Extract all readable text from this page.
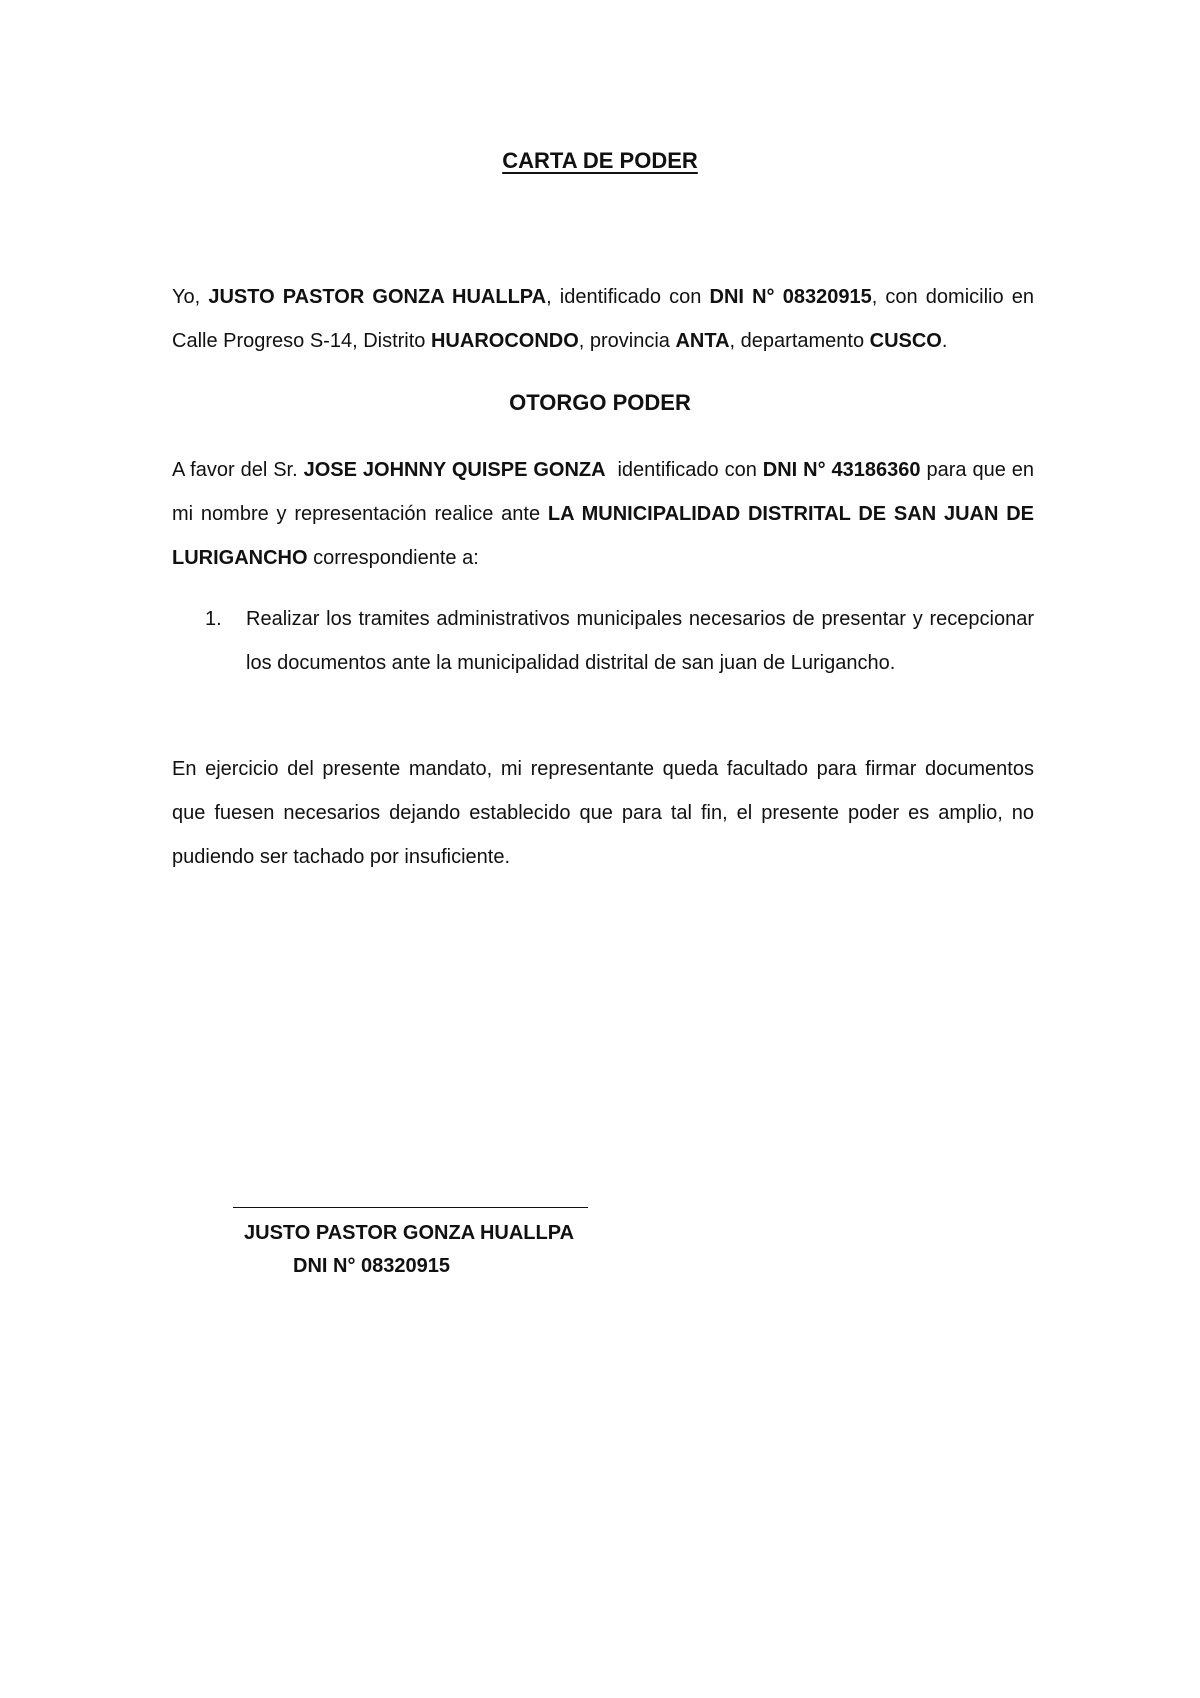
CARTA DE PODER
Yo, JUSTO PASTOR GONZA HUALLPA, identificado con DNI N° 08320915, con domicilio en Calle Progreso S-14, Distrito HUAROCONDO, provincia ANTA, departamento CUSCO.
OTORGO PODER
A favor del Sr. JOSE JOHNNY QUISPE GONZA  identificado con DNI N° 43186360 para que en mi nombre y representación realice ante LA MUNICIPALIDAD DISTRITAL DE SAN JUAN DE LURIGANCHO correspondiente a:
1.	Realizar los tramites administrativos municipales necesarios de presentar y recepcionar los documentos ante la municipalidad distrital de san juan de Lurigancho.
En ejercicio del presente mandato, mi representante queda facultado para firmar documentos que fuesen necesarios dejando establecido que para tal fin, el presente poder es amplio, no pudiendo ser tachado por insuficiente.
JUSTO PASTOR GONZA HUALLPA
DNI N° 08320915
